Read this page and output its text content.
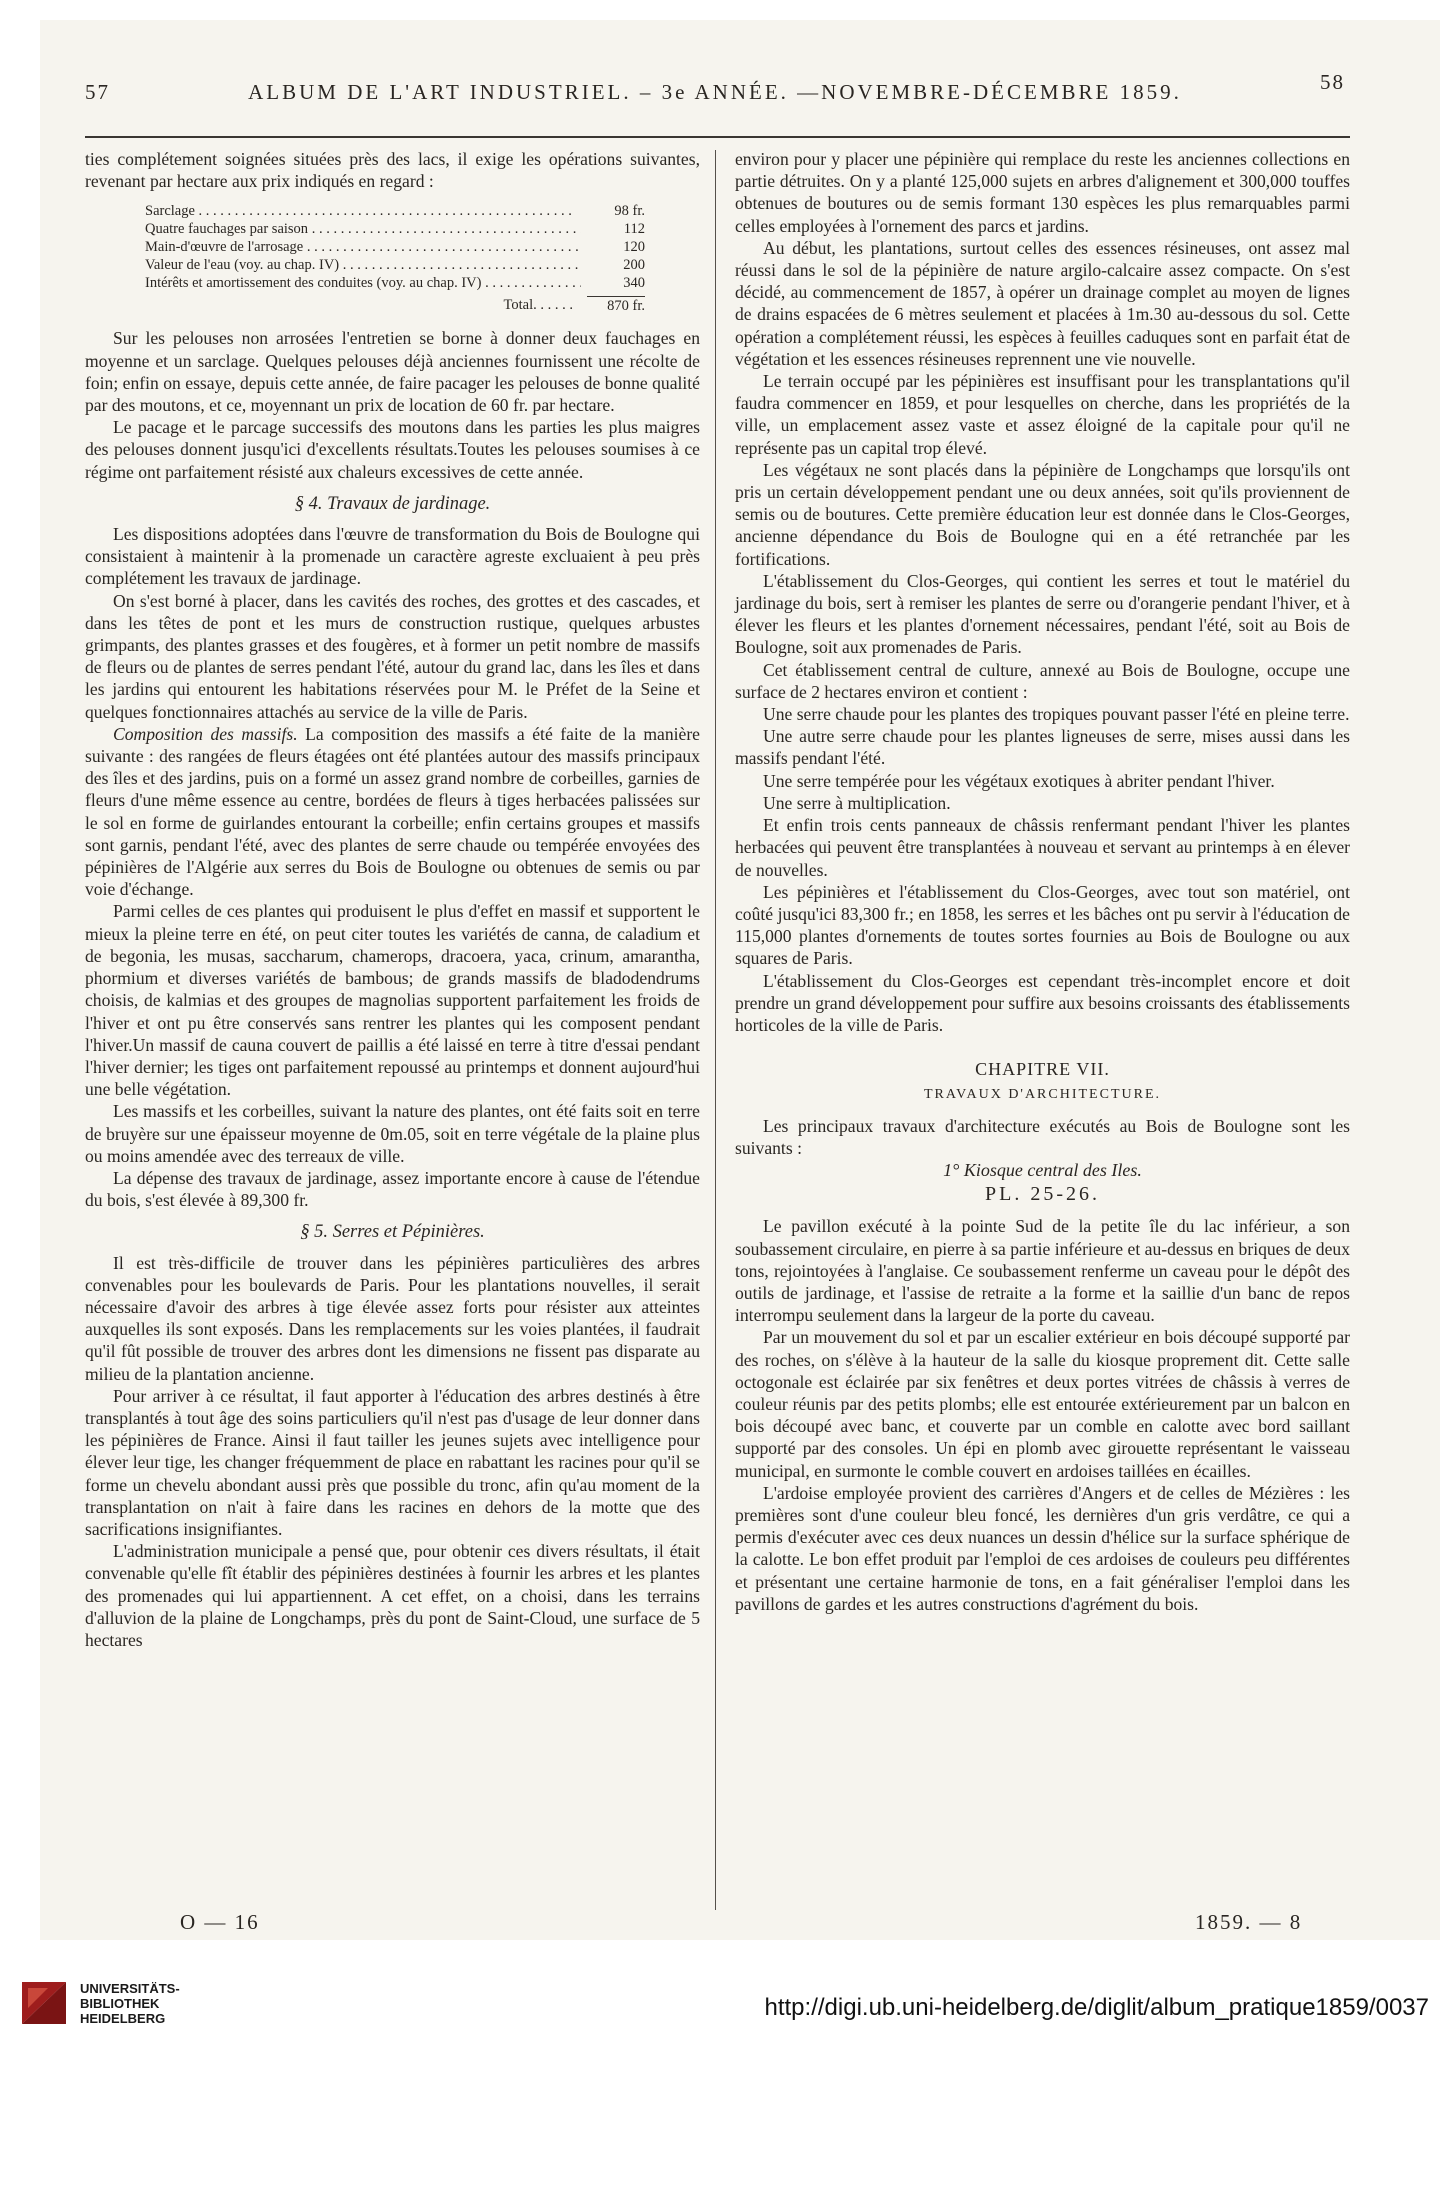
57	ALBUM DE L'ART INDUSTRIEL. – 3e ANNÉE. —NOVEMBRE-DÉCEMBRE 1859.	58

ties complétement soignées situées près des lacs, il exige les opérations suivantes, revenant par hectare aux prix indiqués en regard :

Sarclage . . .	98 fr.
Quatre fauchages par saison . . .	112
Main-d'œuvre de l'arrosage . . .	120
Valeur de l'eau (voy. au chap. IV) . . .	200
Intérêts et amortissement des conduites (voy. au chap. IV) . . .	340
Total. . . . . .	870 fr.

Sur les pelouses non arrosées l'entretien se borne à donner deux fauchages en moyenne et un sarclage. Quelques pelouses déjà anciennes fournissent une récolte de foin; enfin on essaye, depuis cette année, de faire pacager les pelouses de bonne qualité par des moutons, et ce, moyennant un prix de location de 60 fr. par hectare.

Le pacage et le parcage successifs des moutons dans les parties les plus maigres des pelouses donnent jusqu'ici d'excellents résultats.Toutes les pelouses soumises à ce régime ont parfaitement résisté aux chaleurs excessives de cette année.

§ 4. Travaux de jardinage.

Les dispositions adoptées dans l'œuvre de transformation du Bois de Boulogne qui consistaient à maintenir à la promenade un caractère agreste excluaient à peu près complétement les travaux de jardinage.

On s'est borné à placer, dans les cavités des roches, des grottes et des cascades, et dans les têtes de pont et les murs de construction rustique, quelques arbustes grimpants, des plantes grasses et des fougères, et à former un petit nombre de massifs de fleurs ou de plantes de serres pendant l'été, autour du grand lac, dans les îles et dans les jardins qui entourent les habitations réservées pour M. le Préfet de la Seine et quelques fonctionnaires attachés au service de la ville de Paris.

Composition des massifs. La composition des massifs a été faite de la manière suivante : des rangées de fleurs étagées ont été plantées autour des massifs principaux des îles et des jardins, puis on a formé un assez grand nombre de corbeilles, garnies de fleurs d'une même essence au centre, bordées de fleurs à tiges herbacées palissées sur le sol en forme de guirlandes entourant la corbeille; enfin certains groupes et massifs sont garnis, pendant l'été, avec des plantes de serre chaude ou tempérée envoyées des pépinières de l'Algérie aux serres du Bois de Boulogne ou obtenues de semis ou par voie d'échange.

Parmi celles de ces plantes qui produisent le plus d'effet en massif et supportent le mieux la pleine terre en été, on peut citer toutes les variétés de canna, de caladium et de begonia, les musas, saccharum, chamerops, dracoera, yaca, crinum, amarantha, phormium et diverses variétés de bambous; de grands massifs de bladodendrums choisis, de kalmias et des groupes de magnolias supportent parfaitement les froids de l'hiver et ont pu être conservés sans rentrer les plantes qui les composent pendant l'hiver.Un massif de cauna couvert de paillis a été laissé en terre à titre d'essai pendant l'hiver dernier; les tiges ont parfaitement repoussé au printemps et donnent aujourd'hui une belle végétation.

Les massifs et les corbeilles, suivant la nature des plantes, ont été faits soit en terre de bruyère sur une épaisseur moyenne de 0m.05, soit en terre végétale de la plaine plus ou moins amendée avec des terreaux de ville.

La dépense des travaux de jardinage, assez importante encore à cause de l'étendue du bois, s'est élevée à 89,300 fr.

§ 5. Serres et Pépinières.

Il est très-difficile de trouver dans les pépinières particulières des arbres convenables pour les boulevards de Paris. Pour les plantations nouvelles, il serait nécessaire d'avoir des arbres à tige élevée assez forts pour résister aux atteintes auxquelles ils sont exposés. Dans les remplacements sur les voies plantées, il faudrait qu'il fût possible de trouver des arbres dont les dimensions ne fissent pas disparate au milieu de la plantation ancienne.

Pour arriver à ce résultat, il faut apporter à l'éducation des arbres destinés à être transplantés à tout âge des soins particuliers qu'il n'est pas d'usage de leur donner dans les pépinières de France. Ainsi il faut tailler les jeunes sujets avec intelligence pour élever leur tige, les changer fréquemment de place en rabattant les racines pour qu'il se forme un chevelu abondant aussi près que possible du tronc, afin qu'au moment de la transplantation on n'ait à faire dans les racines en dehors de la motte que des sacrifications insignifiantes.

L'administration municipale a pensé que, pour obtenir ces divers résultats, il était convenable qu'elle fît établir des pépinières destinées à fournir les arbres et les plantes des promenades qui lui appartiennent. A cet effet, on a choisi, dans les terrains d'alluvion de la plaine de Longchamps, près du pont de Saint-Cloud, une surface de 5 hectares

environ pour y placer une pépinière qui remplace du reste les anciennes collections en partie détruites. On y a planté 125,000 sujets en arbres d'alignement et 300,000 touffes obtenues de boutures ou de semis formant 130 espèces les plus remarquables parmi celles employées à l'ornement des parcs et jardins.

Au début, les plantations, surtout celles des essences résineuses, ont assez mal réussi dans le sol de la pépinière de nature argilo-calcaire assez compacte. On s'est décidé, au commencement de 1857, à opérer un drainage complet au moyen de lignes de drains espacées de 6 mètres seulement et placées à 1m.30 au-dessous du sol. Cette opération a complétement réussi, les espèces à feuilles caduques sont en parfait état de végétation et les essences résineuses reprennent une vie nouvelle.

Le terrain occupé par les pépinières est insuffisant pour les transplantations qu'il faudra commencer en 1859, et pour lesquelles on cherche, dans les propriétés de la ville, un emplacement assez vaste et assez éloigné de la capitale pour qu'il ne représente pas un capital trop élevé.

Les végétaux ne sont placés dans la pépinière de Longchamps que lorsqu'ils ont pris un certain développement pendant une ou deux années, soit qu'ils proviennent de semis ou de boutures. Cette première éducation leur est donnée dans le Clos-Georges, ancienne dépendance du Bois de Boulogne qui en a été retranchée par les fortifications.

L'établissement du Clos-Georges, qui contient les serres et tout le matériel du jardinage du bois, sert à remiser les plantes de serre ou d'orangerie pendant l'hiver, et à élever les fleurs et les plantes d'ornement nécessaires, pendant l'été, soit au Bois de Boulogne, soit aux promenades de Paris.

Cet établissement central de culture, annexé au Bois de Boulogne, occupe une surface de 2 hectares environ et contient :

Une serre chaude pour les plantes des tropiques pouvant passer l'été en pleine terre.

Une autre serre chaude pour les plantes ligneuses de serre, mises aussi dans les massifs pendant l'été.

Une serre tempérée pour les végétaux exotiques à abriter pendant l'hiver.

Une serre à multiplication.

Et enfin trois cents panneaux de châssis renfermant pendant l'hiver les plantes herbacées qui peuvent être transplantées à nouveau et servant au printemps à en élever de nouvelles.

Les pépinières et l'établissement du Clos-Georges, avec tout son matériel, ont coûté jusqu'ici 83,300 fr.; en 1858, les serres et les bâches ont pu servir à l'éducation de 115,000 plantes d'ornements de toutes sortes fournies au Bois de Boulogne ou aux squares de Paris.

L'établissement du Clos-Georges est cependant très-incomplet encore et doit prendre un grand développement pour suffire aux besoins croissants des établissements horticoles de la ville de Paris.

CHAPITRE VII.
TRAVAUX D'ARCHITECTURE.

Les principaux travaux d'architecture exécutés au Bois de Boulogne sont les suivants :

1° Kiosque central des Iles.
PL. 25-26.

Le pavillon exécuté à la pointe Sud de la petite île du lac inférieur, a son soubassement circulaire, en pierre à sa partie inférieure et au-dessus en briques de deux tons, rejointoyées à l'anglaise. Ce soubassement renferme un caveau pour le dépôt des outils de jardinage, et l'assise de retraite a la forme et la saillie d'un banc de repos interrompu seulement dans la largeur de la porte du caveau.

Par un mouvement du sol et par un escalier extérieur en bois découpé supporté par des roches, on s'élève à la hauteur de la salle du kiosque proprement dit. Cette salle octogonale est éclairée par six fenêtres et deux portes vitrées de châssis à verres de couleur réunis par des petits plombs; elle est entourée extérieurement par un balcon en bois découpé avec banc, et couverte par un comble en calotte avec bord saillant supporté par des consoles. Un épi en plomb avec girouette représentant le vaisseau municipal, en surmonte le comble couvert en ardoises taillées en écailles.

L'ardoise employée provient des carrières d'Angers et de celles de Mézières : les premières sont d'une couleur bleu foncé, les dernières d'un gris verdâtre, ce qui a permis d'exécuter avec ces deux nuances un dessin d'hélice sur la surface sphérique de la calotte. Le bon effet produit par l'emploi de ces ardoises de couleurs peu différentes et présentant une certaine harmonie de tons, en a fait généraliser l'emploi dans les pavillons de gardes et les autres constructions d'agrément du bois.

O — 16	1859. — 8
UNIVERSITÄTS-
BIBLIOTHEK
HEIDELBERG	http://digi.ub.uni-heidelberg.de/diglit/album_pratique1859/0037
